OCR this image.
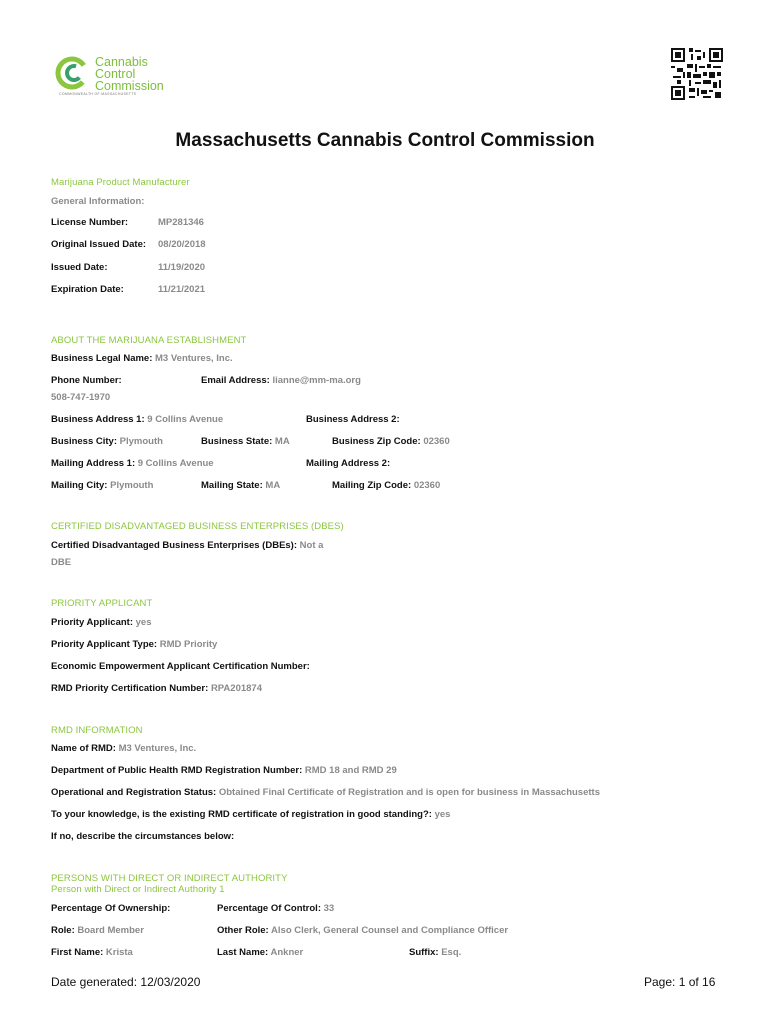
Cannabis
Control
Commission
COMMONWEALTH OF MASSACHUSETTS
Massachusetts Cannabis Control Commission
Marijuana Product Manufacturer
General Information:
License Number:	MP281346
Original Issued Date: 08/20/2018
Issued Date:	11/19/2020
Expiration Date:	11/21/2021
ABOUT THE MARIJUANA ESTABLISHMENT
Business Legal Name: M3 Ventures, Inc.
Phone Number:	Email Address: lianne@mm-ma.org
508-747-1970
Business Address 1: 9 Collins Avenue	Business Address 2:
Business City: Plymouth	Business State: MA	Business Zip Code: 02360
Mailing Address 1: 9 Collins Avenue	Mailing Address 2:
Mailing City: Plymouth	Mailing State: MA	Mailing Zip Code: 02360
CERTIFIED DISADVANTAGED BUSINESS ENTERPRISES (DBES)
Certified Disadvantaged Business Enterprises (DBEs): Not a
DBE
PRIORITY APPLICANT
Priority Applicant: yes
Priority Applicant Type: RMD Priority
Economic Empowerment Applicant Certification Number:
RMD Priority Certification Number: RPA201874
RMD INFORMATION
Name of RMD: M3 Ventures, Inc.
Department of Public Health RMD Registration Number: RMD 18 and RMD 29
Operational and Registration Status: Obtained Final Certificate of Registration and is open for business in Massachusetts
To your knowledge, is the existing RMD certificate of registration in good standing?: yes
If no, describe the circumstances below:
PERSONS WITH DIRECT OR INDIRECT AUTHORITY
Person with Direct or Indirect Authority 1
Percentage Of Ownership:	Percentage Of Control: 33
Role: Board Member	Other Role: Also Clerk, General Counsel and Compliance Officer
First Name: Krista	Last Name: Ankner	Suffix: Esq.
Date generated: 12/03/2020	Page: 1 of 16
